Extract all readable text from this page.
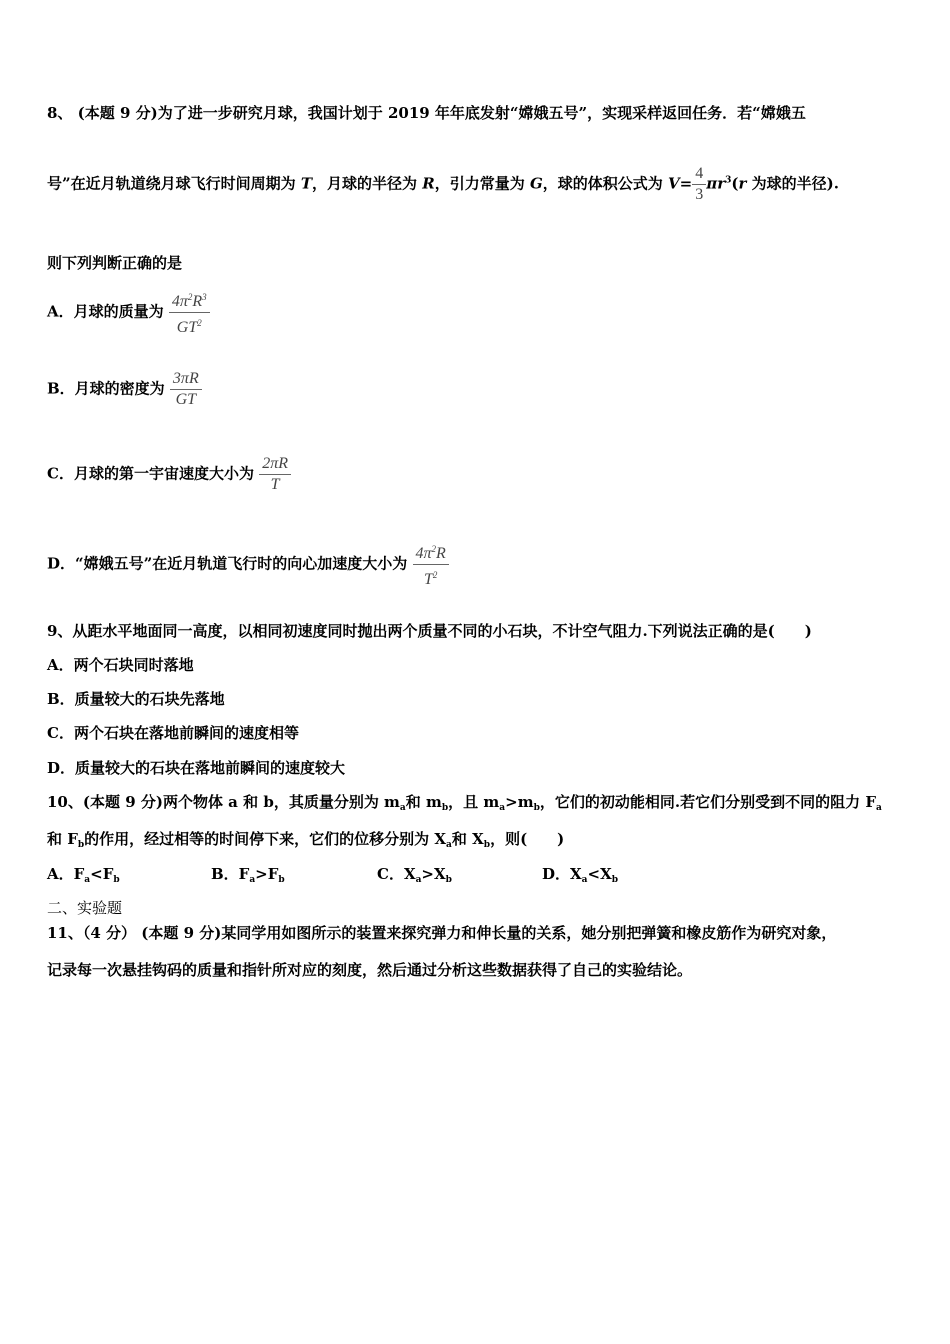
8、 (本题 9 分)为了进一步研究月球，我国计划于 2019 年年底发射“嫦娥五号”，实现采样返回任务．若“嫦娥五
号”在近月轨道绕月球飞行时间周期为 T，月球的半径为 R，引力常量为 G，球的体积公式为 $V= \frac{4}{3} \pi r^3(r$ 为球的半径).
则下列判断正确的是
A．月球的质量为 $\frac{4\pi^2R^3}{GT^2}$
B．月球的密度为 $\frac{3\pi R}{GT}$
C．月球的第一宇宙速度大小为 $\frac{2\pi R}{T}$
D．“嫦娥五号”在近月轨道飞行时的向心加速度大小为 $\frac{4\pi^2R}{T^2}$
9、从距水平地面同一高度，以相同初速度同时抛出两个质量不同的小石块，不计空气阻力.下列说法正确的是(　　)
A．两个石块同时落地
B．质量较大的石块先落地
C．两个石块在落地前瞬间的速度相等
D．质量较大的石块在落地前瞬间的速度较大
10、(本题 9 分)两个物体 a 和 b，其质量分别为 $m_a$和 $m_b$，且 $m_a>m_b$，它们的初动能相同.若它们分别受到不同的阻力 $F_a$
和 $F_b$的作用，经过相等的时间停下来，它们的位移分别为 $X_a$和 $X_b$，则(　　)
A．$F_a<F_b$	B．$F_a>F_b$	C．$X_a>X_b$	D．$X_a<X_b$
二、实验题
11、（4 分） (本题 9 分)某同学用如图所示的装置来探究弹力和伸长量的关系，她分别把弹簧和橡皮筋作为研究对象，
记录每一次悬挂钩码的质量和指针所对应的刻度，然后通过分析这些数据获得了自己的实验结论。
